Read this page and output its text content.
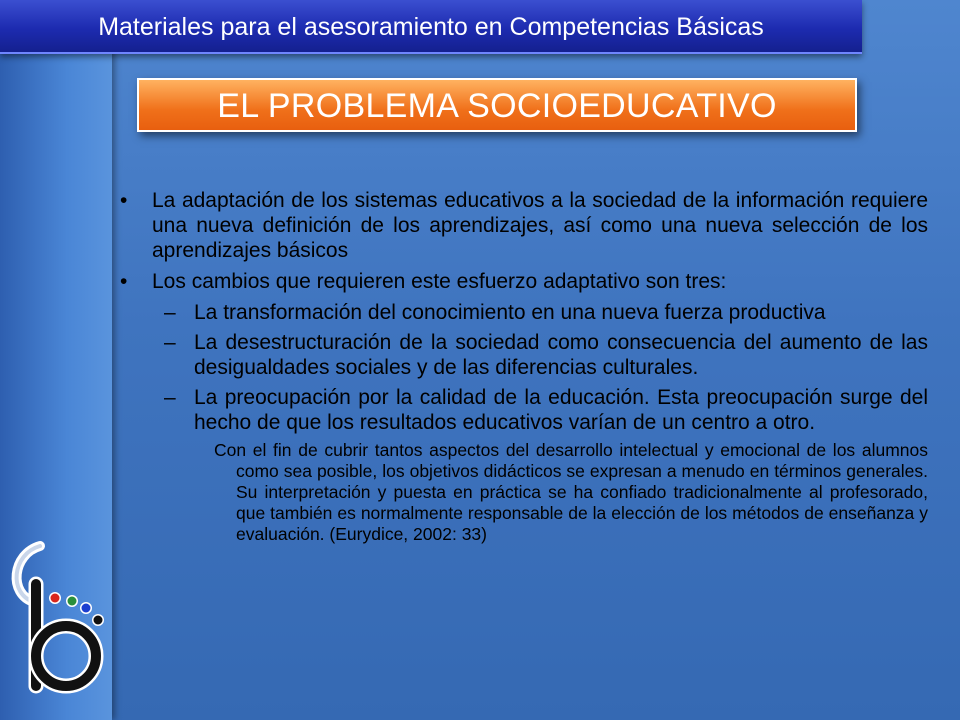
Materiales para el asesoramiento en Competencias Básicas
EL PROBLEMA SOCIOEDUCATIVO
• La adaptación de los sistemas educativos a la sociedad de la información requiere una nueva definición de los aprendizajes, así como una nueva selección de los aprendizajes básicos
• Los cambios que requieren este esfuerzo adaptativo son tres:
– La transformación del conocimiento en una nueva fuerza productiva
– La desestructuración de la sociedad como consecuencia del aumento de las desigualdades sociales y de las diferencias culturales.
– La preocupación por la calidad de la educación. Esta preocupación surge del hecho de que los resultados educativos varían de un centro a otro.
Con el fin de cubrir tantos aspectos del desarrollo intelectual y emocional de los alumnos como sea posible, los objetivos didácticos se expresan a menudo en términos generales. Su interpretación y puesta en práctica se ha confiado tradicionalmente al profesorado, que también es normalmente responsable de la elección de los métodos de enseñanza y evaluación. (Eurydice, 2002: 33)
